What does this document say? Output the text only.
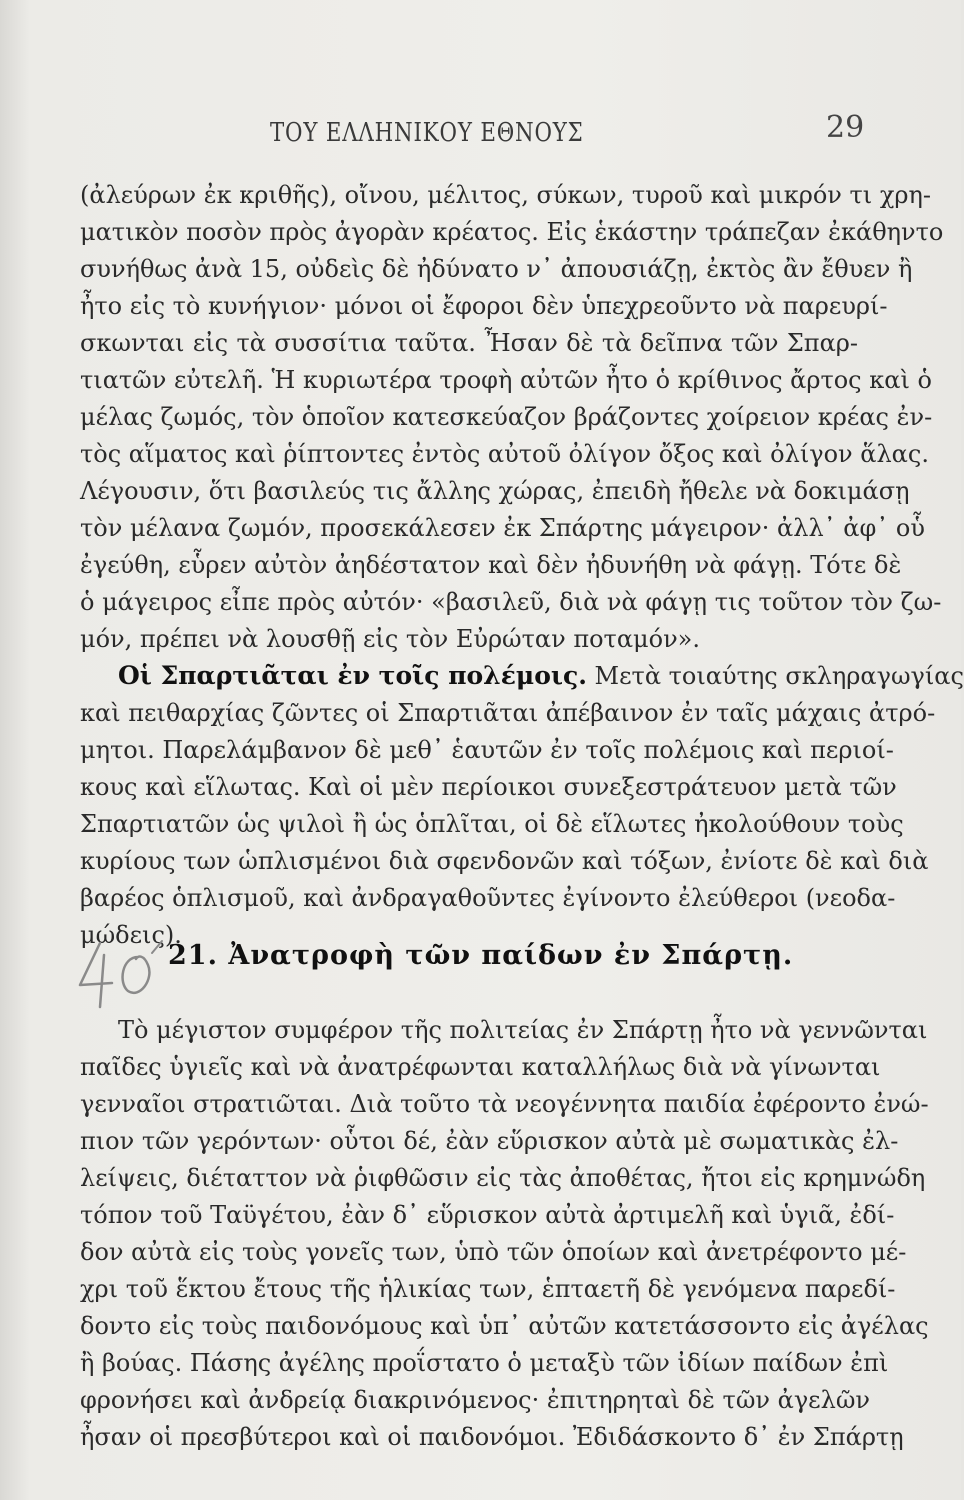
ΤΟΥ ΕΛΛΗΝΙΚΟΥ ΕΘΝΟΥΣ	29
(ἀλεύρων ἐκ κριθῆς), οἴνου, μέλιτος, σύκων, τυροῦ καὶ μικρόν τι χρη-
ματικὸν ποσὸν πρὸς ἀγορὰν κρέατος. Εἰς ἑκάστην τράπεζαν ἐκάθηντο
συνήθως ἀνὰ 15, οὐδεὶς δὲ ἠδύνατο ν᾽ ἀπουσιάζῃ, ἐκτὸς ἂν ἔθυεν ἢ
ἦτο εἰς τὸ κυνήγιον· μόνοι οἱ ἔφοροι δὲν ὑπεχρεοῦντο νὰ παρευρί-
σκωνται εἰς τὰ συσσίτια ταῦτα. Ἦσαν δὲ τὰ δεῖπνα τῶν Σπαρ-
τιατῶν εὐτελῆ. Ἡ κυριωτέρα τροφὴ αὐτῶν ἦτο ὁ κρίθινος ἄρτος καὶ ὁ
μέλας ζωμός, τὸν ὁποῖον κατεσκεύαζον βράζοντες χοίρειον κρέας ἐν-
τὸς αἵματος καὶ ῥίπτοντες ἐντὸς αὐτοῦ ὀλίγον ὄξος καὶ ὀλίγον ἅλας.
Λέγουσιν, ὅτι βασιλεύς τις ἄλλης χώρας, ἐπειδὴ ἤθελε νὰ δοκιμάσῃ
τὸν μέλανα ζωμόν, προσεκάλεσεν ἐκ Σπάρτης μάγειρον· ἀλλ᾽ ἀφ᾽ οὗ
ἐγεύθη, εὗρεν αὐτὸν ἀηδέστατον καὶ δὲν ἠδυνήθη νὰ φάγῃ. Τότε δὲ
ὁ μάγειρος εἶπε πρὸς αὐτόν· «βασιλεῦ, διὰ νὰ φάγῃ τις τοῦτον τὸν ζω-
μόν, πρέπει νὰ λουσθῇ εἰς τὸν Εὐρώταν ποταμόν».
Οἱ Σπαρτιᾶται ἐν τοῖς πολέμοις. Μετὰ τοιαύτης σκληραγωγίας
καὶ πειθαρχίας ζῶντες οἱ Σπαρτιᾶται ἀπέβαινον ἐν ταῖς μάχαις ἀτρό-
μητοι. Παρελάμβανον δὲ μεθ᾽ ἑαυτῶν ἐν τοῖς πολέμοις καὶ περιοί-
κους καὶ εἵλωτας. Καὶ οἱ μὲν περίοικοι συνεξεστράτευον μετὰ τῶν
Σπαρτιατῶν ὡς ψιλοὶ ἢ ὡς ὁπλῖται, οἱ δὲ εἵλωτες ἠκολούθουν τοὺς
κυρίους των ὡπλισμένοι διὰ σφενδονῶν καὶ τόξων, ἐνίοτε δὲ καὶ διὰ
βαρέος ὁπλισμοῦ, καὶ ἀνδραγαθοῦντες ἐγίνοντο ἐλεύθεροι (νεοδα-
μώδεις).
21. Ἀνατροφὴ τῶν παίδων ἐν Σπάρτῃ.
Τὸ μέγιστον συμφέρον τῆς πολιτείας ἐν Σπάρτῃ ἦτο νὰ γεννῶνται
παῖδες ὑγιεῖς καὶ νὰ ἀνατρέφωνται καταλλήλως διὰ νὰ γίνωνται
γενναῖοι στρατιῶται. Διὰ τοῦτο τὰ νεογέννητα παιδία ἐφέροντο ἐνώ-
πιον τῶν γερόντων· οὗτοι δέ, ἐὰν εὕρισκον αὐτὰ μὲ σωματικὰς ἐλ-
λείψεις, διέταττον νὰ ῥιφθῶσιν εἰς τὰς ἀποθέτας, ἤτοι εἰς κρημνώδη
τόπον τοῦ Ταϋγέτου, ἐὰν δ᾽ εὕρισκον αὐτὰ ἀρτιμελῆ καὶ ὑγιᾶ, ἐδί-
δον αὐτὰ εἰς τοὺς γονεῖς των, ὑπὸ τῶν ὁποίων καὶ ἀνετρέφοντο μέ-
χρι τοῦ ἕκτου ἔτους τῆς ἡλικίας των, ἑπταετῆ δὲ γενόμενα παρεδί-
δοντο εἰς τοὺς παιδονόμους καὶ ὑπ᾽ αὐτῶν κατετάσσοντο εἰς ἀγέλας
ἢ βούας. Πάσης ἀγέλης προΐστατο ὁ μεταξὺ τῶν ἰδίων παίδων ἐπὶ
φρονήσει καὶ ἀνδρείᾳ διακρινόμενος· ἐπιτηρηταὶ δὲ τῶν ἀγελῶν
ἦσαν οἱ πρεσβύτεροι καὶ οἱ παιδονόμοι. Ἐδιδάσκοντο δ᾽ ἐν Σπάρτῃ
